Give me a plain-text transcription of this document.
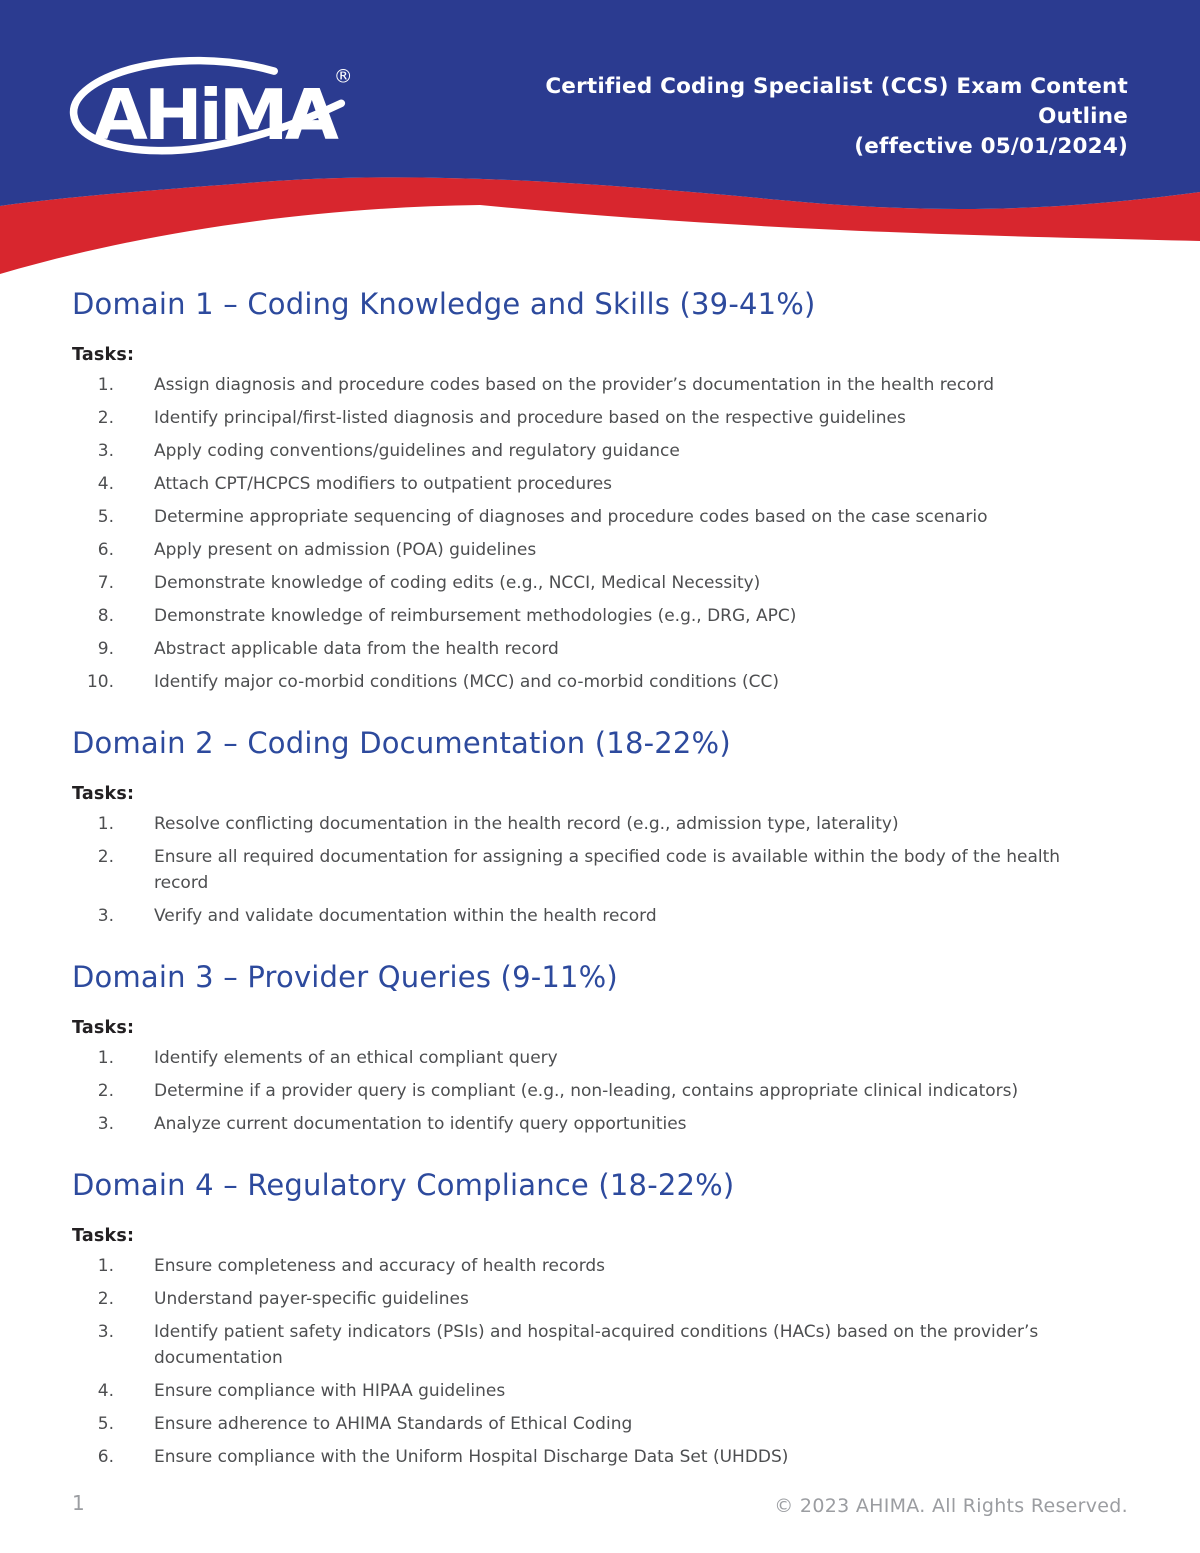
AHiMA
®	Certified Coding Specialist (CCS) Exam Content Outline
(effective 05/01/2024)
Domain 1 – Coding Knowledge and Skills (39-41%)

Tasks:

1.	Assign diagnosis and procedure codes based on the provider’s documentation in the health record
2.	Identify principal/first-listed diagnosis and procedure based on the respective guidelines
3.	Apply coding conventions/guidelines and regulatory guidance
4.	Attach CPT/HCPCS modifiers to outpatient procedures
5.	Determine appropriate sequencing of diagnoses and procedure codes based on the case scenario
6.	Apply present on admission (POA) guidelines
7.	Demonstrate knowledge of coding edits (e.g., NCCI, Medical Necessity)
8.	Demonstrate knowledge of reimbursement methodologies (e.g., DRG, APC)
9.	Abstract applicable data from the health record
10.	Identify major co-morbid conditions (MCC) and co-morbid conditions (CC)
Domain 2 – Coding Documentation (18-22%)

Tasks:

1.	Resolve conflicting documentation in the health record (e.g., admission type, laterality)
2.	Ensure all required documentation for assigning a specified code is available within the body of the health record
3.	Verify and validate documentation within the health record
Domain 3 – Provider Queries (9-11%)

Tasks:

1.	Identify elements of an ethical compliant query
2.	Determine if a provider query is compliant (e.g., non-leading, contains appropriate clinical indicators)
3.	Analyze current documentation to identify query opportunities
Domain 4 – Regulatory Compliance (18-22%)

Tasks:

1.	Ensure completeness and accuracy of health records
2.	Understand payer-specific guidelines
3.	Identify patient safety indicators (PSIs) and hospital-acquired conditions (HACs) based on the provider’s documentation
4.	Ensure compliance with HIPAA guidelines
5.	Ensure adherence to AHIMA Standards of Ethical Coding
6.	Ensure compliance with the Uniform Hospital Discharge Data Set (UHDDS)
1	© 2023 AHIMA. All Rights Reserved.
